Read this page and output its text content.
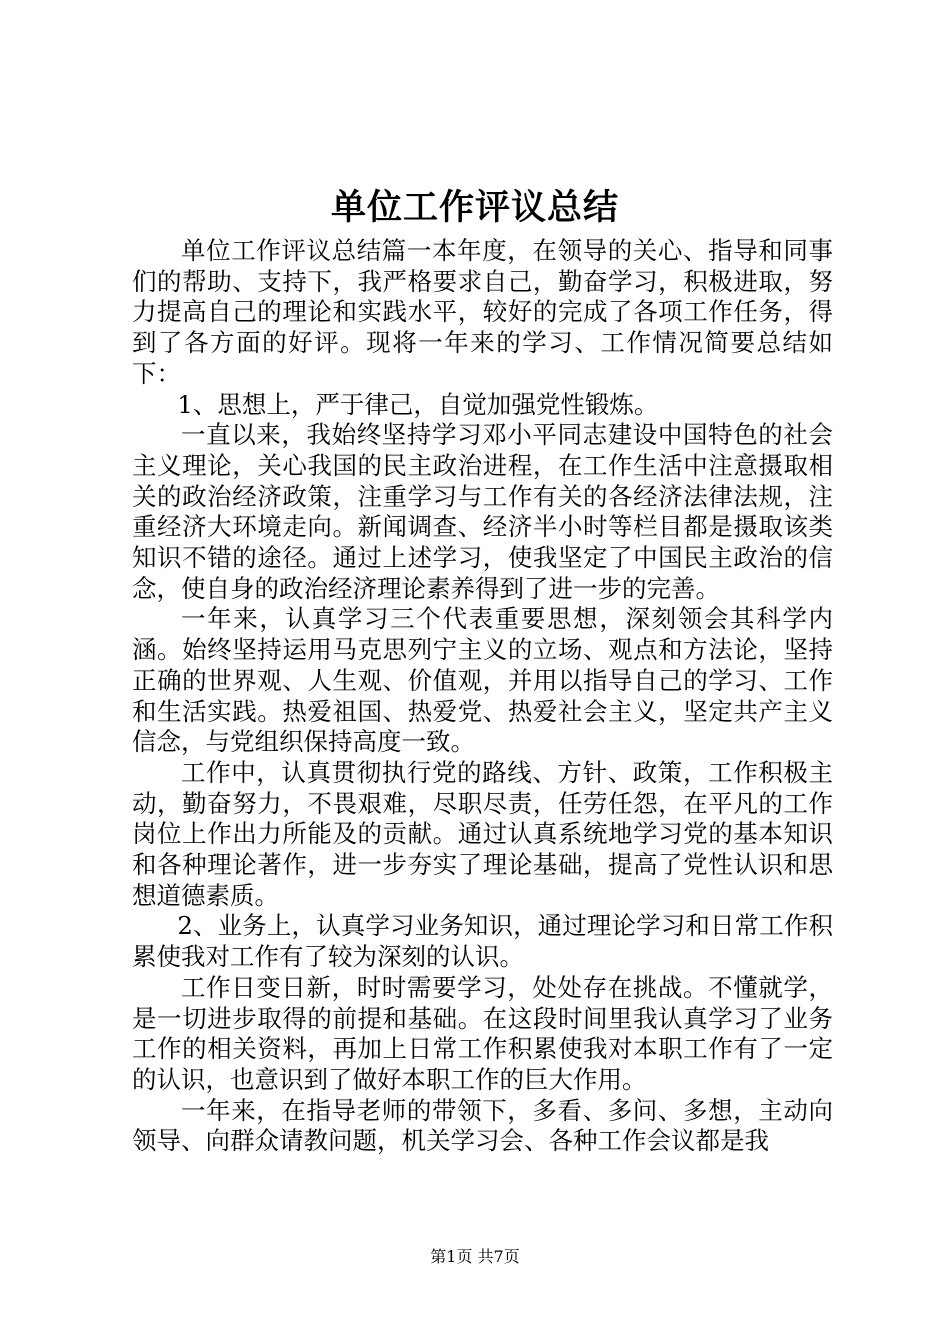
单位工作评议总结

单位工作评议总结篇一本年度，在领导的关心、指导和同事们的帮助、支持下，我严格要求自己，勤奋学习，积极进取，努力提高自己的理论和实践水平，较好的完成了各项工作任务，得到了各方面的好评。现将一年来的学习、工作情况简要总结如下：

1、思想上，严于律己，自觉加强党性锻炼。

一直以来，我始终坚持学习邓小平同志建设中国特色的社会主义理论，关心我国的民主政治进程，在工作生活中注意摄取相关的政治经济政策，注重学习与工作有关的各经济法律法规，注重经济大环境走向。新闻调查、经济半小时等栏目都是摄取该类知识不错的途径。通过上述学习，使我坚定了中国民主政治的信念，使自身的政治经济理论素养得到了进一步的完善。

一年来，认真学习三个代表重要思想，深刻领会其科学内涵。始终坚持运用马克思列宁主义的立场、观点和方法论，坚持正确的世界观、人生观、价值观，并用以指导自己的学习、工作和生活实践。热爱祖国、热爱党、热爱社会主义，坚定共产主义信念，与党组织保持高度一致。

工作中，认真贯彻执行党的路线、方针、政策，工作积极主动，勤奋努力，不畏艰难，尽职尽责，任劳任怨，在平凡的工作岗位上作出力所能及的贡献。通过认真系统地学习党的基本知识和各种理论著作，进一步夯实了理论基础，提高了党性认识和思想道德素质。

2、业务上，认真学习业务知识，通过理论学习和日常工作积累使我对工作有了较为深刻的认识。

工作日变日新，时时需要学习，处处存在挑战。不懂就学，是一切进步取得的前提和基础。在这段时间里我认真学习了业务工作的相关资料，再加上日常工作积累使我对本职工作有了一定的认识，也意识到了做好本职工作的巨大作用。

一年来，在指导老师的带领下，多看、多问、多想，主动向领导、向群众请教问题，机关学习会、各种工作会议都是我

第1页 共7页
